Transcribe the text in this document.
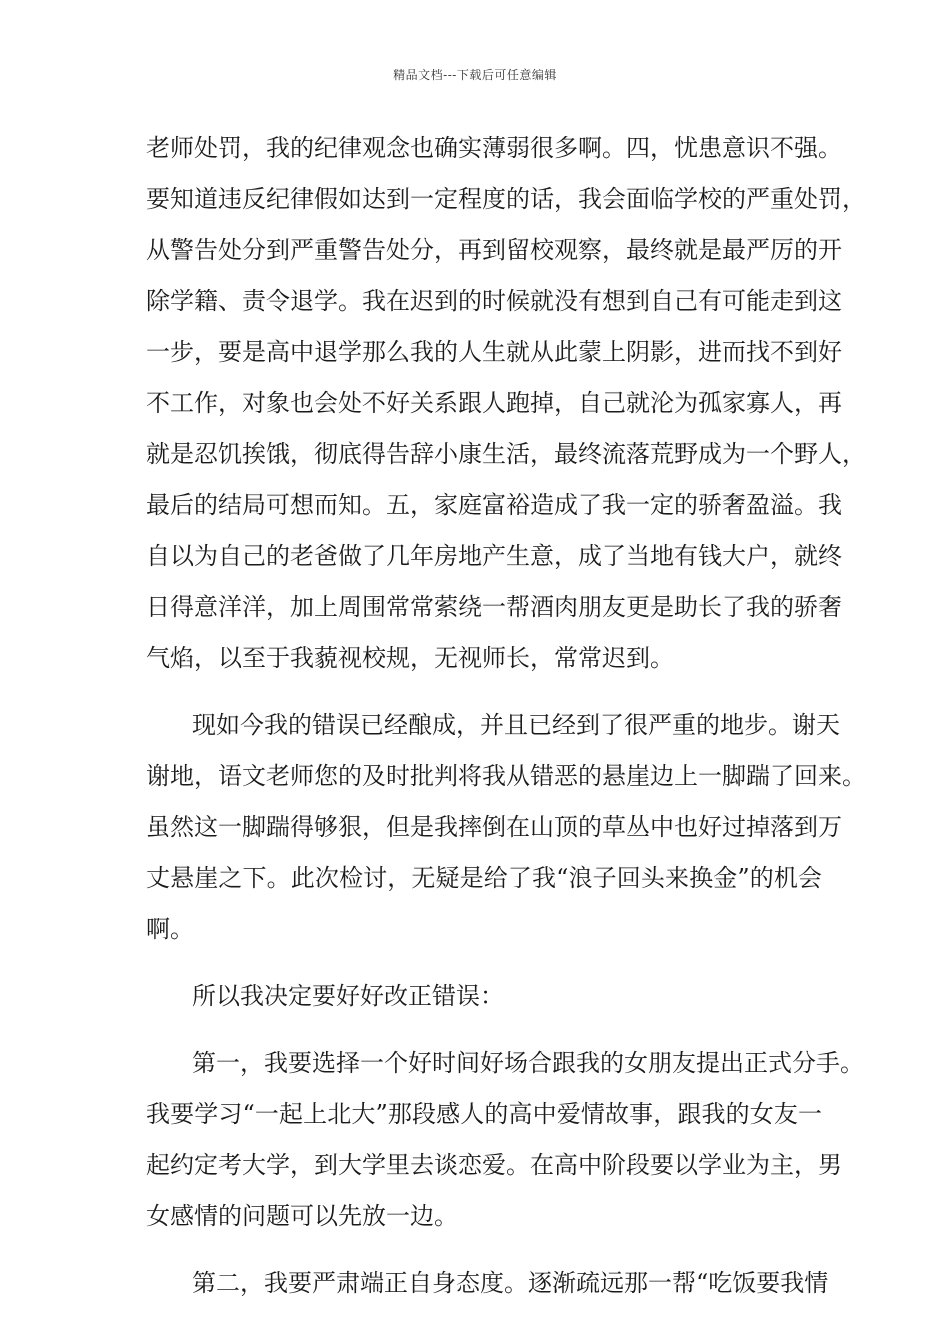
精品文档---下载后可任意编辑
老师处罚，我的纪律观念也确实薄弱很多啊。四，忧患意识不强。
要知道违反纪律假如达到一定程度的话，我会面临学校的严重处罚，
从警告处分到严重警告处分，再到留校观察，最终就是最严厉的开
除学籍、责令退学。我在迟到的时候就没有想到自己有可能走到这
一步，要是高中退学那么我的人生就从此蒙上阴影，进而找不到好
不工作，对象也会处不好关系跟人跑掉，自己就沦为孤家寡人，再
就是忍饥挨饿，彻底得告辞小康生活，最终流落荒野成为一个野人，
最后的结局可想而知。五，家庭富裕造成了我一定的骄奢盈溢。我
自以为自己的老爸做了几年房地产生意，成了当地有钱大户，就终
日得意洋洋，加上周围常常萦绕一帮酒肉朋友更是助长了我的骄奢
气焰，以至于我藐视校规，无视师长，常常迟到。
现如今我的错误已经酿成，并且已经到了很严重的地步。谢天
谢地，语文老师您的及时批判将我从错恶的悬崖边上一脚踹了回来。
虽然这一脚踹得够狠，但是我摔倒在山顶的草丛中也好过掉落到万
丈悬崖之下。此次检讨，无疑是给了我“浪子回头来换金”的机会
啊。
所以我决定要好好改正错误：
第一，我要选择一个好时间好场合跟我的女朋友提出正式分手。
我要学习“一起上北大”那段感人的高中爱情故事，跟我的女友一
起约定考大学，到大学里去谈恋爱。在高中阶段要以学业为主，男
女感情的问题可以先放一边。
第二，我要严肃端正自身态度。逐渐疏远那一帮“吃饭要我情
